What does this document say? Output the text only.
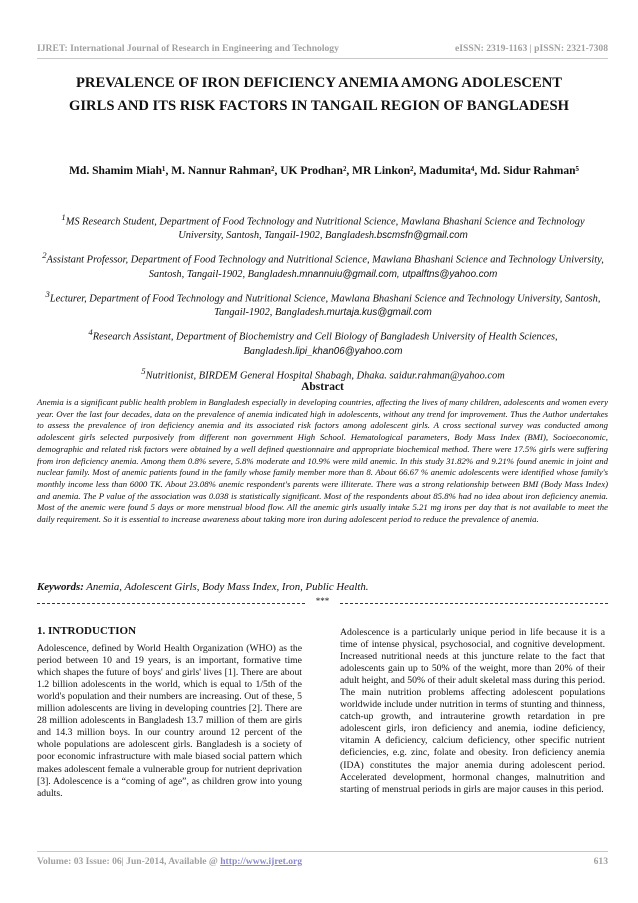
IJRET: International Journal of Research in Engineering and Technology	eISSN: 2319-1163 | pISSN: 2321-7308
PREVALENCE OF IRON DEFICIENCY ANEMIA AMONG ADOLESCENT GIRLS AND ITS RISK FACTORS IN TANGAIL REGION OF BANGLADESH
Md. Shamim Miah¹, M. Nannur Rahman², UK Prodhan², MR Linkon², Madumita⁴, Md. Sidur Rahman⁵
$^1$MS Research Student, Department of Food Technology and Nutritional Science, Mawlana Bhashani Science and Technology University, Santosh, Tangail-1902, Bangladesh.bscmsfn@gmail.com
$^2$Assistant Professor, Department of Food Technology and Nutritional Science, Mawlana Bhashani Science and Technology University, Santosh, Tangail-1902, Bangladesh.mnannuiu@gmail.com, utpalftns@yahoo.com
$^3$Lecturer, Department of Food Technology and Nutritional Science, Mawlana Bhashani Science and Technology University, Santosh, Tangail-1902, Bangladesh.murtaja.kus@gmail.com
$^4$Research Assistant, Department of Biochemistry and Cell Biology of Bangladesh University of Health Sciences, Bangladesh.lipi_khan06@yahoo.com
$^5$Nutritionist, BIRDEM General Hospital Shabagh, Dhaka. saidur.rahman@yahoo.com
Abstract
Anemia is a significant public health problem in Bangladesh especially in developing countries, affecting the lives of many children, adolescents and women every year. Over the last four decades, data on the prevalence of anemia indicated high in adolescents, without any trend for improvement. Thus the Author undertakes to assess the prevalence of iron deficiency anemia and its associated risk factors among adolescent girls. A cross sectional survey was conducted among adolescent girls selected purposively from different non government High School. Hematological parameters, Body Mass Index (BMI), Socioeconomic, demographic and related risk factors were obtained by a well defined questionnaire and appropriate biochemical method. There were 17.5% girls were suffering from iron deficiency anemia. Among them 0.8% severe, 5.8% moderate and 10.9% were mild anemic. In this study 31.82% and 9.21% found anemic in joint and nuclear family. Most of anemic patients found in the family whose family member more than 8. About 66.67 % anemic adolescents were identified whose family's monthly income less than 6000 TK. About 23.08% anemic respondent's parents were illiterate. There was a strong relationship between BMI (Body Mass Index) and anemia. The P value of the association was 0.038 is statistically significant. Most of the respondents about 85.8% had no idea about iron deficiency anemia. Most of the anemic were found 5 days or more menstrual blood flow. All the anemic girls usually intake 5.21 mg irons per day that is not available to meet the daily requirement. So it is essential to increase awareness about taking more iron during adolescent period to reduce the prevalence of anemia.
Keywords: Anemia, Adolescent Girls, Body Mass Index, Iron, Public Health.
***
1. INTRODUCTION
Adolescence, defined by World Health Organization (WHO) as the period between 10 and 19 years, is an important, formative time which shapes the future of boys' and girls' lives [1]. There are about 1.2 billion adolescents in the world, which is equal to 1/5th of the world's population and their numbers are increasing. Out of these, 5 million adolescents are living in developing countries [2]. There are 28 million adolescents in Bangladesh 13.7 million of them are girls and 14.3 million boys. In our country around 12 percent of the whole populations are adolescent girls. Bangladesh is a society of poor economic infrastructure with male biased social pattern which makes adolescent female a vulnerable group for nutrient deprivation [3]. Adolescence is a “coming of age”, as children grow into young adults.
Adolescence is a particularly unique period in life because it is a time of intense physical, psychosocial, and cognitive development. Increased nutritional needs at this juncture relate to the fact that adolescents gain up to 50% of the weight, more than 20% of their adult height, and 50% of their adult skeletal mass during this period. The main nutrition problems affecting adolescent populations worldwide include under nutrition in terms of stunting and thinness, catch-up growth, and intrauterine growth retardation in pre adolescent girls, iron deficiency and anemia, iodine deficiency, vitamin A deficiency, calcium deficiency, other specific nutrient deficiencies, e.g. zinc, folate and obesity. Iron deficiency anemia (IDA) constitutes the major anemia during adolescent period. Accelerated development, hormonal changes, malnutrition and starting of menstrual periods in girls are major causes in this period.
Volume: 03 Issue: 06| Jun-2014, Available @ http://www.ijret.org	613
